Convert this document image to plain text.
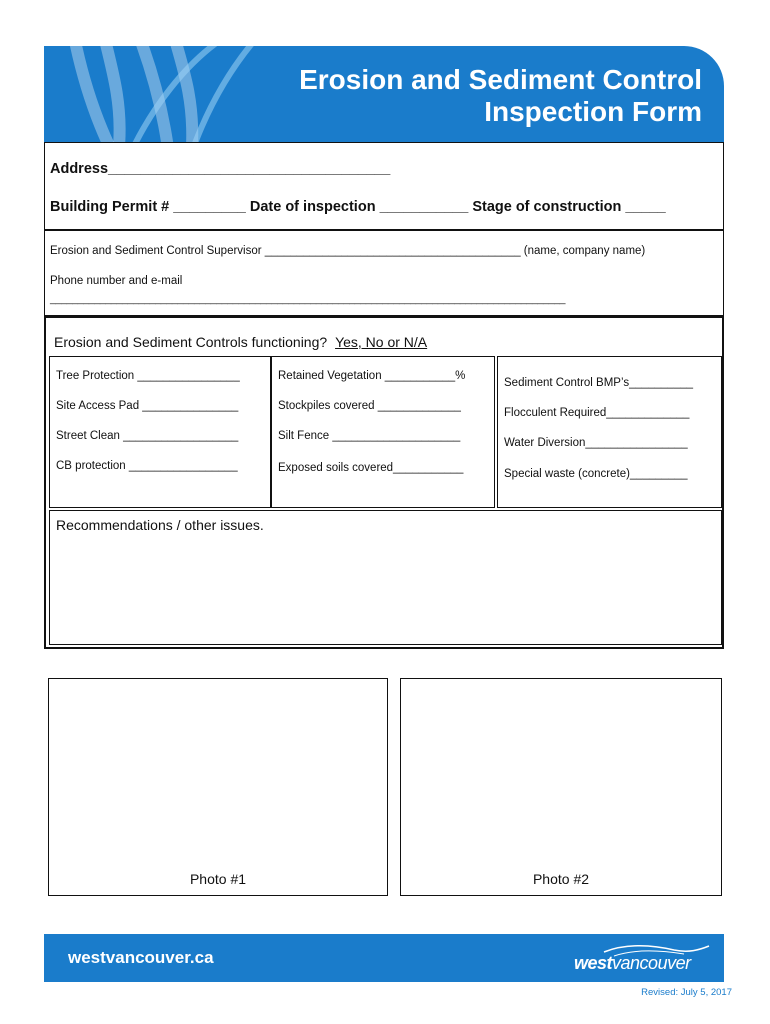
Erosion and Sediment Control
Inspection Form
Address___________________________________
Building Permit # _________ Date of inspection ___________ Stage of construction _____
Erosion and Sediment Control Supervisor ________________________________________ (name, company name)
Phone number and e-mail
_____________________________________________________________________________________________
Erosion and Sediment Controls functioning? Yes, No or N/A
Tree Protection ________________
Site Access Pad _______________
Street Clean __________________
CB protection _________________
Retained Vegetation ___________%
Stockpiles covered _____________
Silt Fence ____________________
Exposed soils covered___________
Sediment Control BMP’s__________
Flocculent Required_____________
Water Diversion________________
Special waste (concrete)_________
Recommendations / other issues.
Photo #1	Photo #2
westvancouver.ca	westvancouver
Revised: July 5, 2017
